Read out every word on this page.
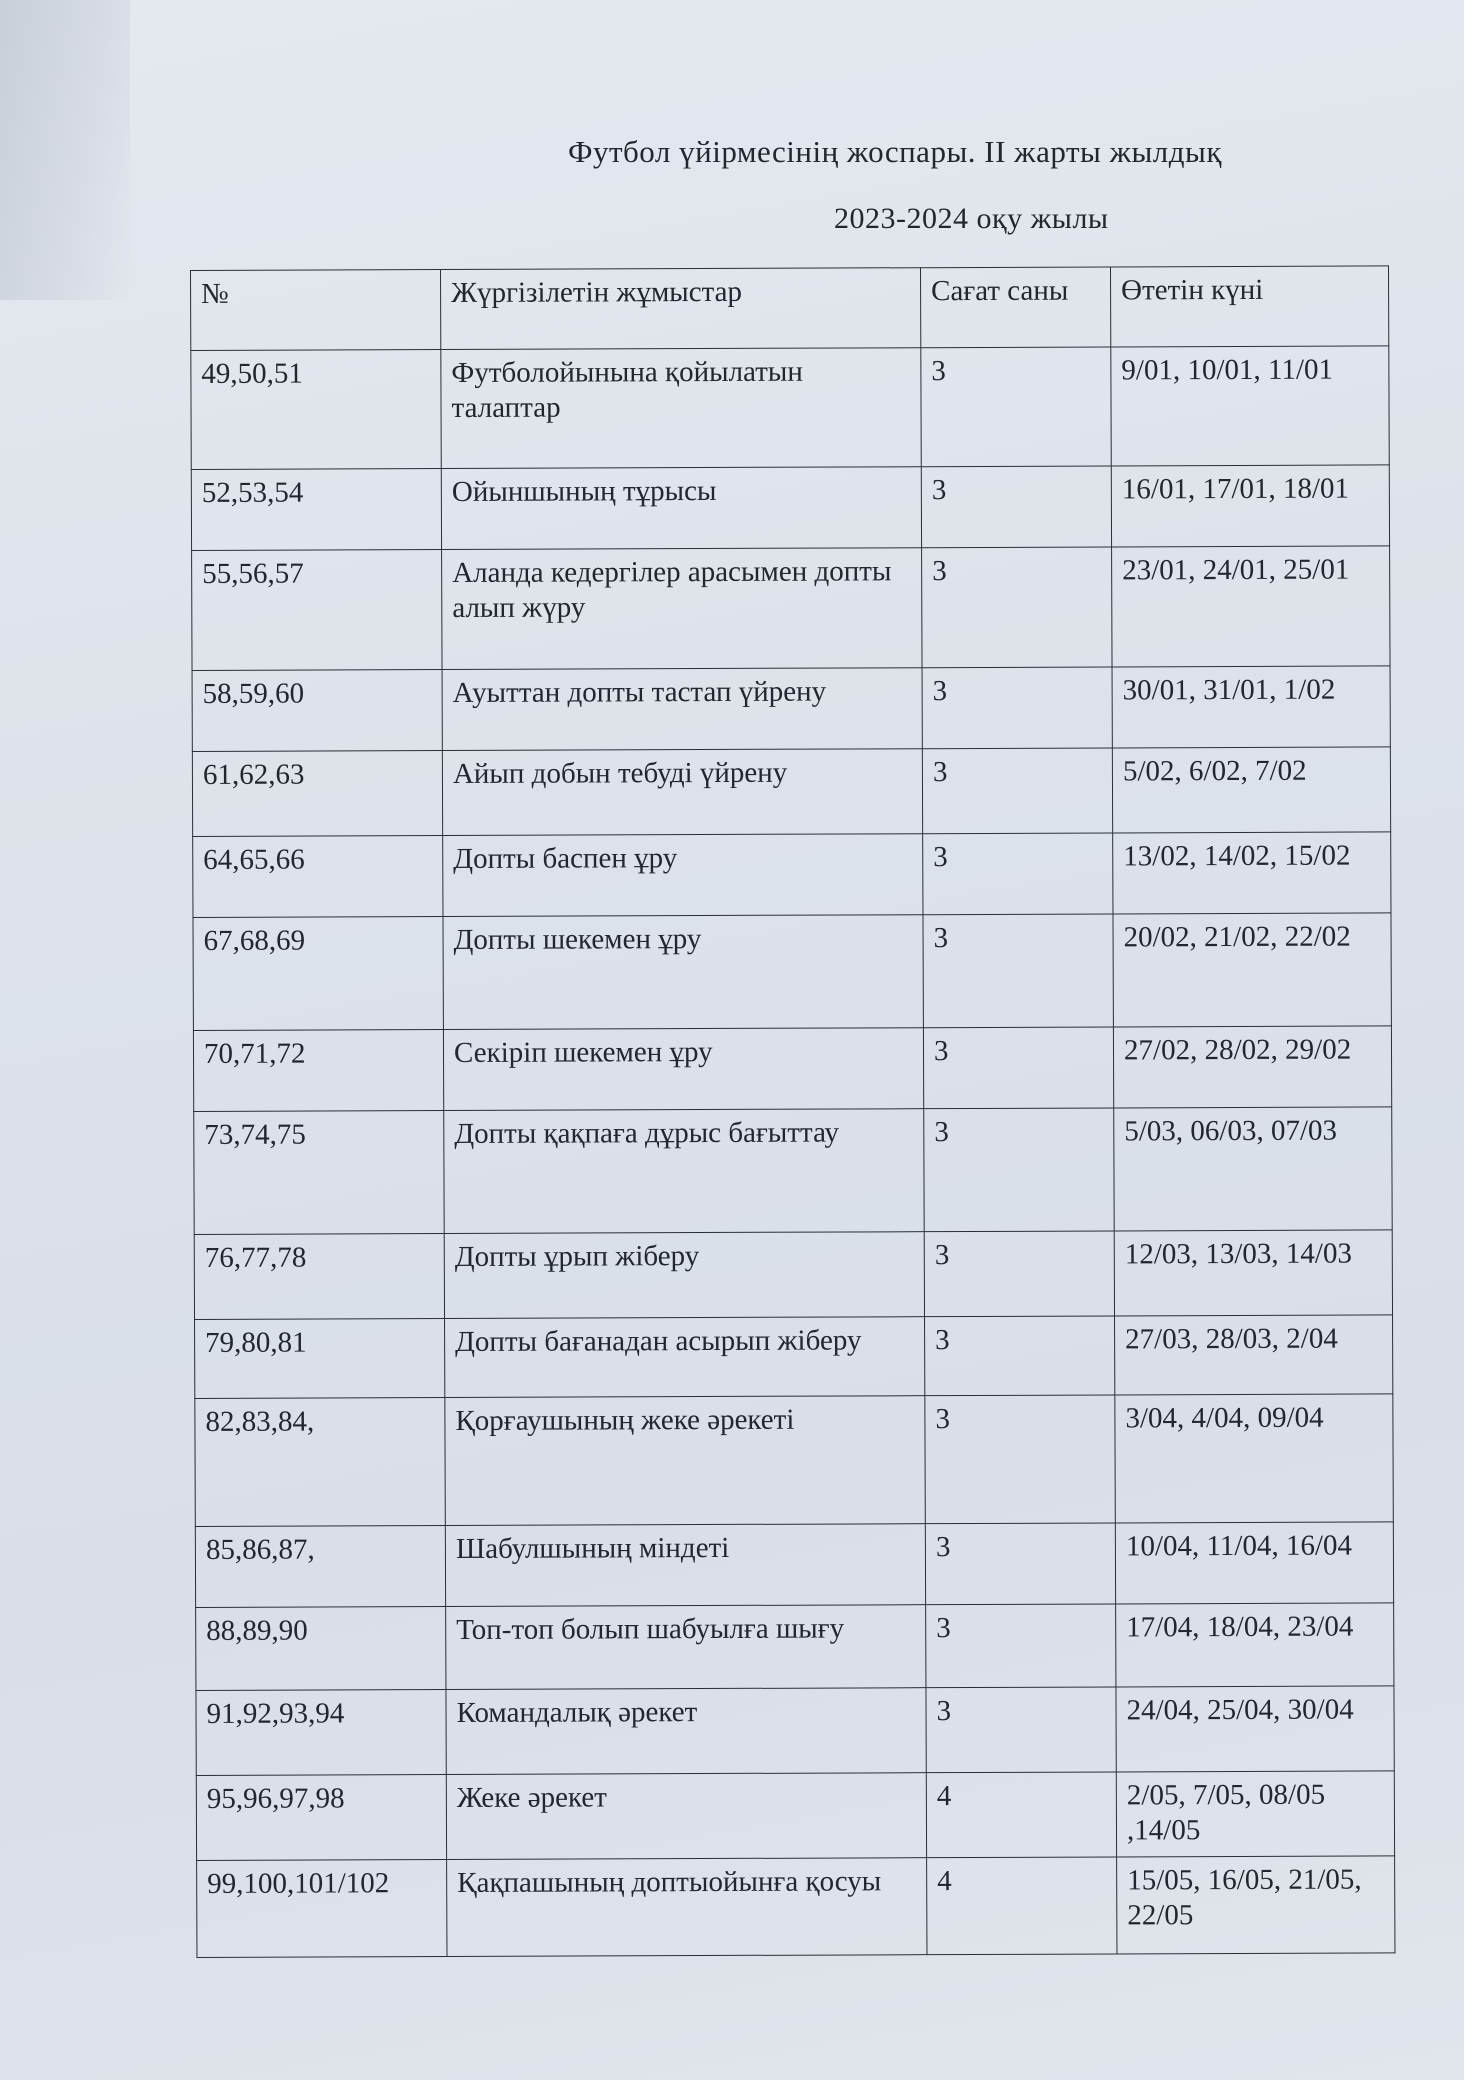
Футбол үйірмесінің жоспары. II жарты жылдық
2023-2024 оқу жылы
№	Жүргізілетін жұмыстар	Сағат саны	Өтетін күні
49,50,51	Футболойынына қойылатын талаптар	3	9/01, 10/01, 11/01
52,53,54	Ойыншының тұрысы	3	16/01, 17/01, 18/01
55,56,57	Аланда кедергілер арасымен допты алып жүру	3	23/01, 24/01, 25/01
58,59,60	Ауыттан допты тастап үйрену	3	30/01, 31/01, 1/02
61,62,63	Айып добын тебуді үйрену	3	5/02, 6/02, 7/02
64,65,66	Допты баспен ұру	3	13/02, 14/02, 15/02
67,68,69	Допты шекемен ұру	3	20/02, 21/02, 22/02
70,71,72	Секіріп шекемен ұру	3	27/02, 28/02, 29/02
73,74,75	Допты қақпаға дұрыс бағыттау	3	5/03, 06/03, 07/03
76,77,78	Допты ұрып жіберу	3	12/03, 13/03, 14/03
79,80,81	Допты бағанадан асырып жіберу	3	27/03, 28/03, 2/04
82,83,84,	Қорғаушының жеке әрекеті	3	3/04, 4/04, 09/04
85,86,87,	Шабулшының міндеті	3	10/04, 11/04, 16/04
88,89,90	Топ-топ болып шабуылға шығу	3	17/04, 18/04, 23/04
91,92,93,94	Командалық әрекет	3	24/04, 25/04, 30/04
95,96,97,98	Жеке әрекет	4	2/05, 7/05, 08/05 ,14/05
99,100,101/102	Қақпашының доптыойынға қосуы	4	15/05, 16/05, 21/05, 22/05
